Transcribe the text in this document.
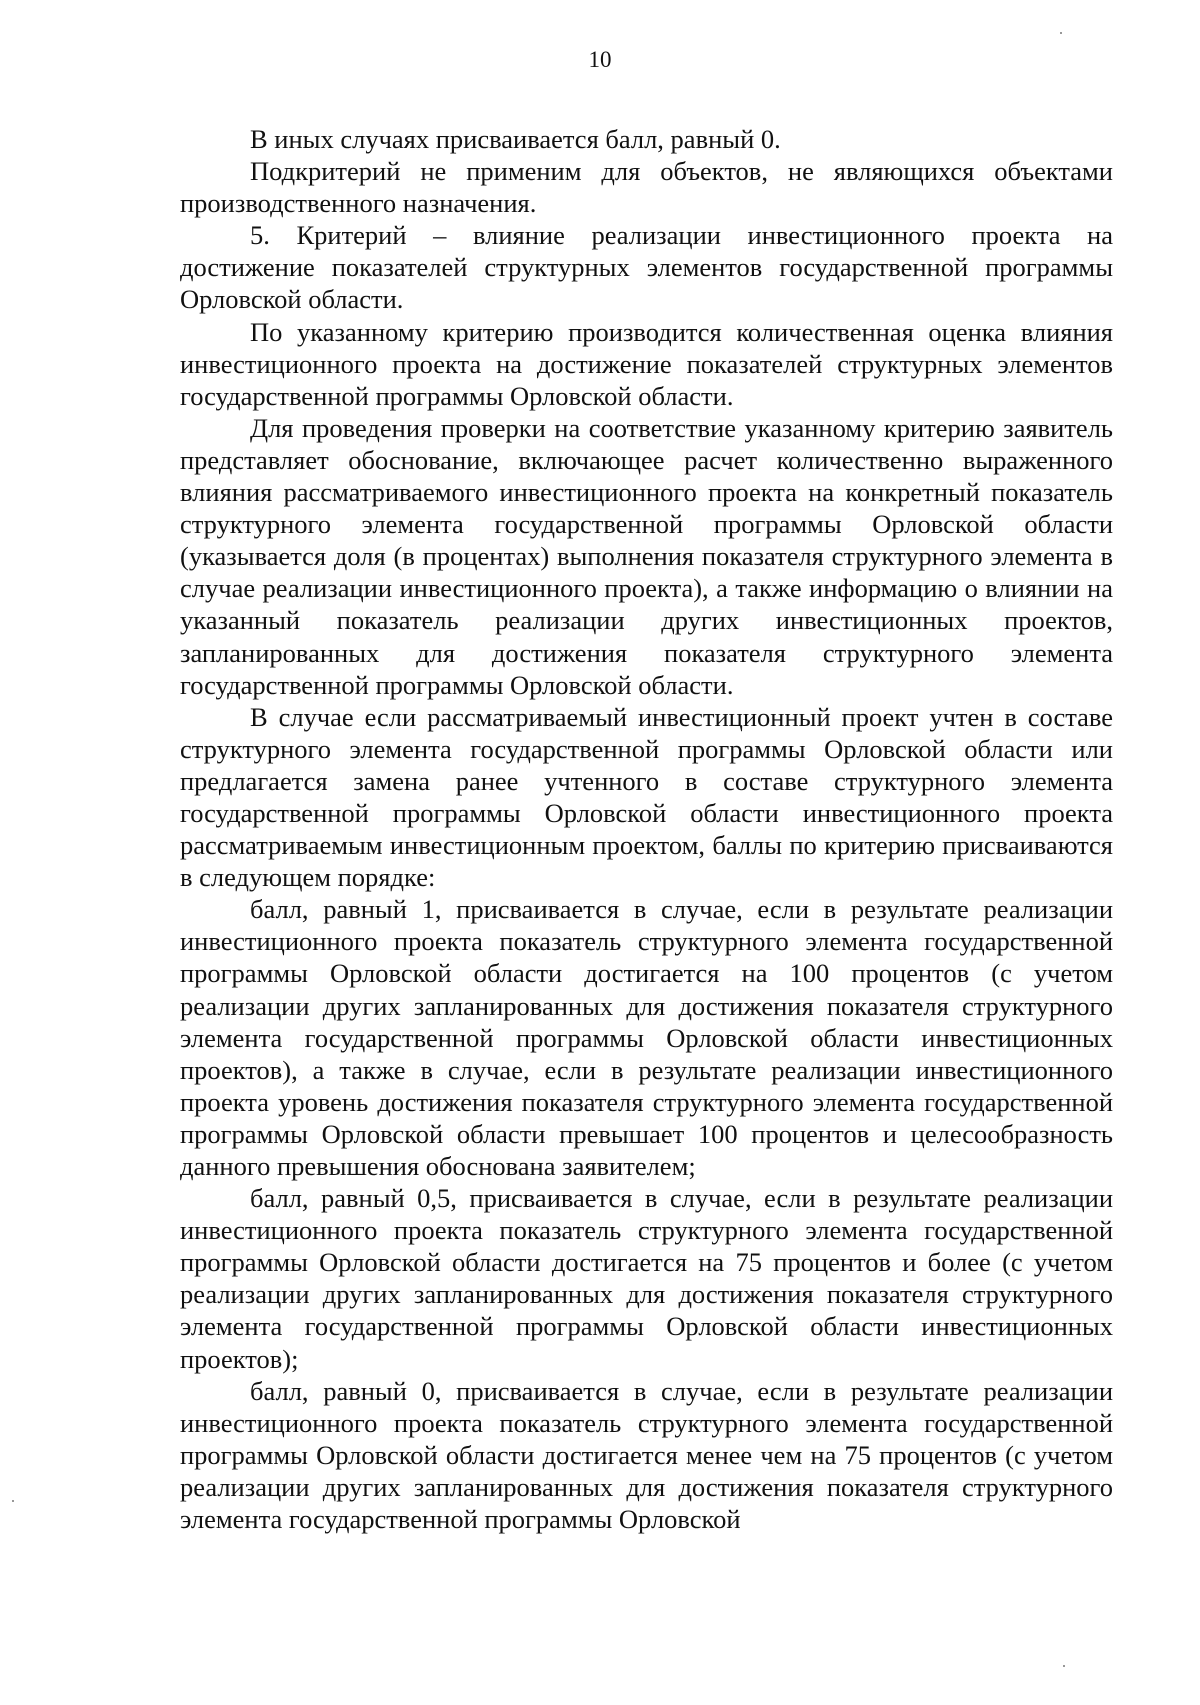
10

В иных случаях присваивается балл, равный 0.

Подкритерий не применим для объектов, не являющихся объектами производственного назначения.

5. Критерий – влияние реализации инвестиционного проекта на достижение показателей структурных элементов государственной программы Орловской области.

По указанному критерию производится количественная оценка влияния инвестиционного проекта на достижение показателей структурных элементов государственной программы Орловской области.

Для проведения проверки на соответствие указанному критерию заявитель представляет обоснование, включающее расчет количественно выраженного влияния рассматриваемого инвестиционного проекта на конкретный показатель структурного элемента государственной программы Орловской области (указывается доля (в процентах) выполнения показателя структурного элемента в случае реализации инвестиционного проекта), а также информацию о влиянии на указанный показатель реализации других инвестиционных проектов, запланированных для достижения показателя структурного элемента государственной программы Орловской области.

В случае если рассматриваемый инвестиционный проект учтен в составе структурного элемента государственной программы Орловской области или предлагается замена ранее учтенного в составе структурного элемента государственной программы Орловской области инвестиционного проекта рассматриваемым инвестиционным проектом, баллы по критерию присваиваются в следующем порядке:

балл, равный 1, присваивается в случае, если в результате реализации инвестиционного проекта показатель структурного элемента государственной программы Орловской области достигается на 100 процентов (с учетом реализации других запланированных для достижения показателя структурного элемента государственной программы Орловской области инвестиционных проектов), а также в случае, если в результате реализации инвестиционного проекта уровень достижения показателя структурного элемента государственной программы Орловской области превышает 100 процентов и целесообразность данного превышения обоснована заявителем;

балл, равный 0,5, присваивается в случае, если в результате реализации инвестиционного проекта показатель структурного элемента государственной программы Орловской области достигается на 75 процентов и более (с учетом реализации других запланированных для достижения показателя структурного элемента государственной программы Орловской области инвестиционных проектов);

балл, равный 0, присваивается в случае, если в результате реализации инвестиционного проекта показатель структурного элемента государственной программы Орловской области достигается менее чем на 75 процентов (с учетом реализации других запланированных для достижения показателя структурного элемента государственной программы Орловской
